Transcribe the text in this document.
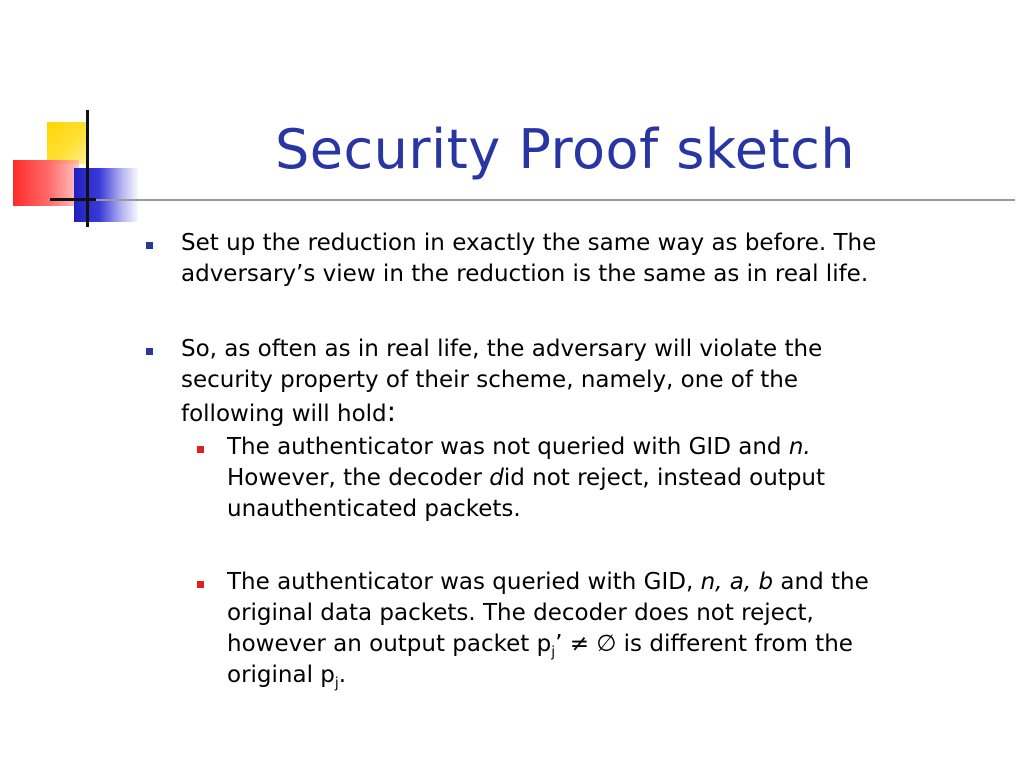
Security Proof sketch
Set up the reduction in exactly the same way as before. The
adversary’s view in the reduction is the same as in real life.
So, as often as in real life, the adversary will violate the
security property of their scheme, namely, one of the
following will hold:
The authenticator was not queried with GID and n.
However, the decoder did not reject, instead output
unauthenticated packets.
The authenticator was queried with GID, n, a, b and the
original data packets. The decoder does not reject,
however an output packet $p_j$’ ≠ ∅ is different from the
original $p_j$.
